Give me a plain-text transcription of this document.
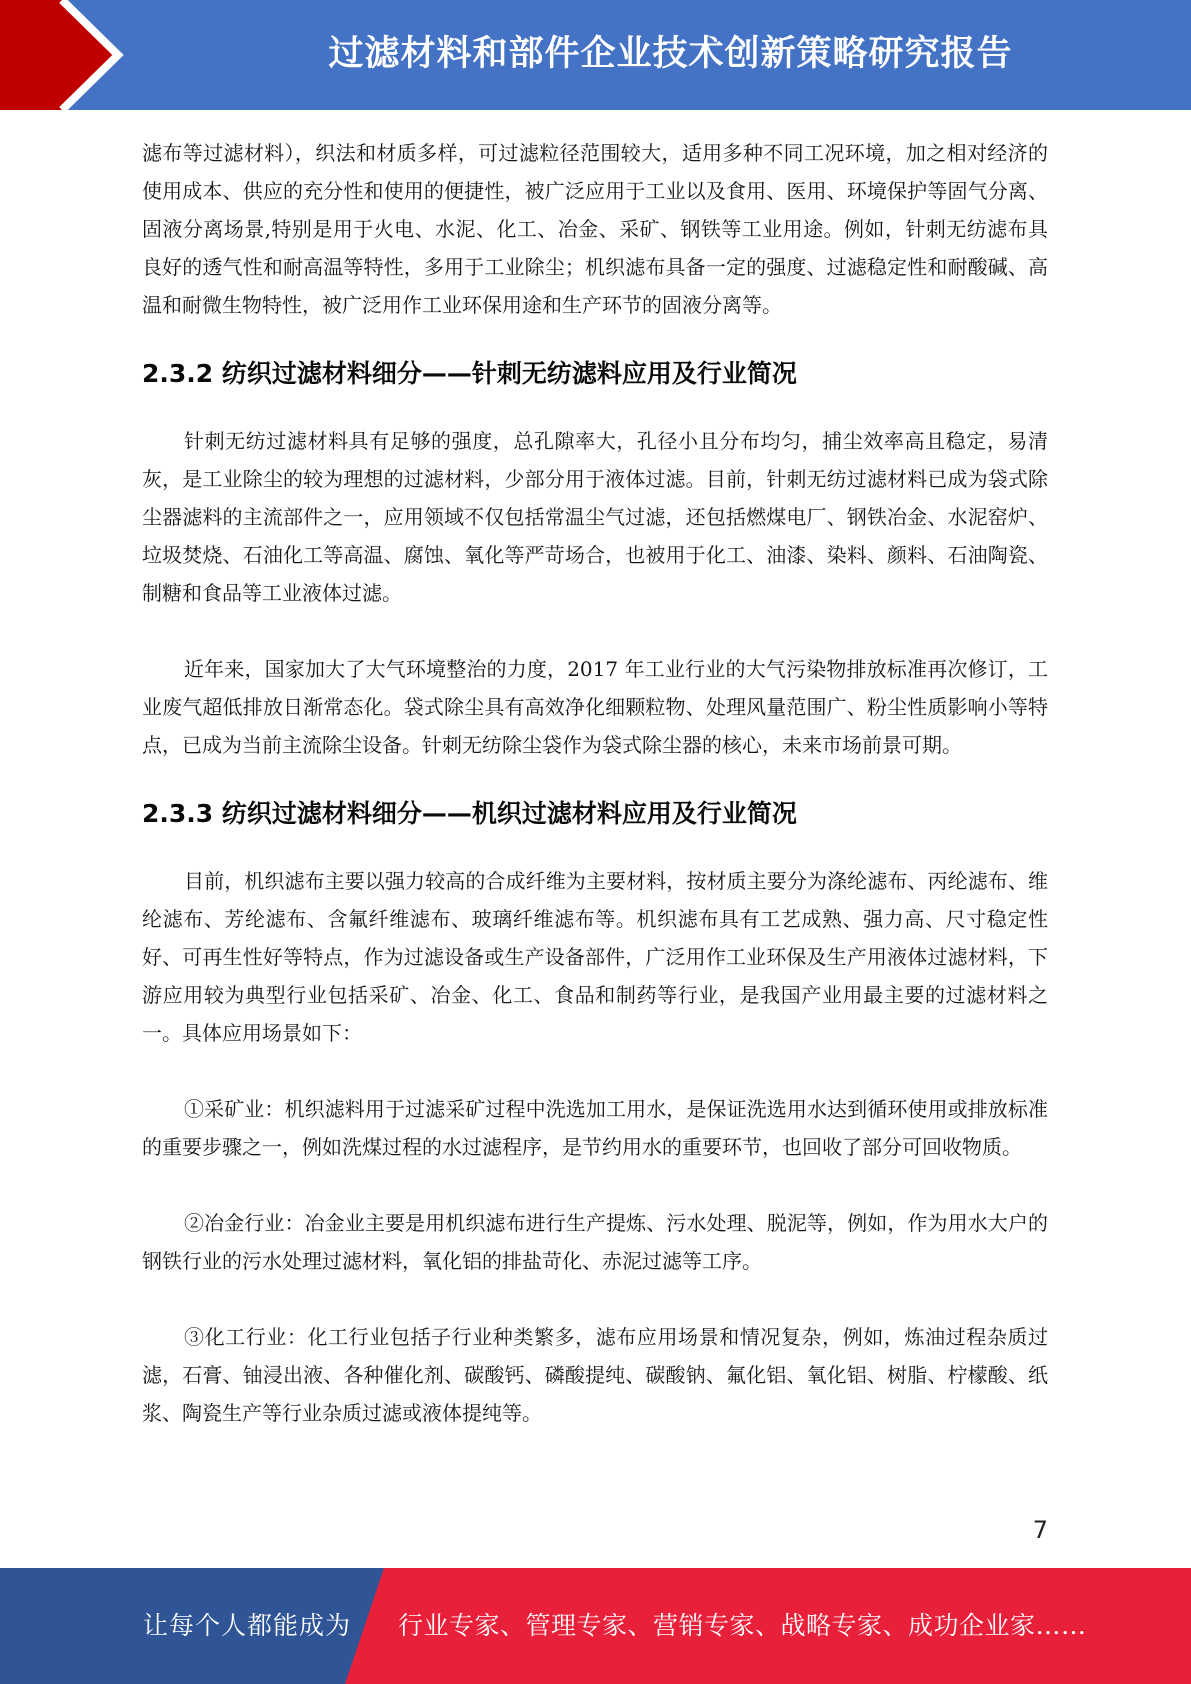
过滤材料和部件企业技术创新策略研究报告

滤布等过滤材料），织法和材质多样，可过滤粒径范围较大，适用多种不同工况环境，加之相对经济的使用成本、供应的充分性和使用的便捷性，被广泛应用于工业以及食用、医用、环境保护等固气分离、固液分离场景,特别是用于火电、水泥、化工、冶金、采矿、钢铁等工业用途。例如，针刺无纺滤布具良好的透气性和耐高温等特性，多用于工业除尘；机织滤布具备一定的强度、过滤稳定性和耐酸碱、高温和耐微生物特性，被广泛用作工业环保用途和生产环节的固液分离等。

2.3.2 纺织过滤材料细分——针刺无纺滤料应用及行业简况

针刺无纺过滤材料具有足够的强度，总孔隙率大，孔径小且分布均匀，捕尘效率高且稳定，易清灰，是工业除尘的较为理想的过滤材料，少部分用于液体过滤。目前，针刺无纺过滤材料已成为袋式除尘器滤料的主流部件之一，应用领域不仅包括常温尘气过滤，还包括燃煤电厂、钢铁冶金、水泥窑炉、垃圾焚烧、石油化工等高温、腐蚀、氧化等严苛场合，也被用于化工、油漆、染料、颜料、石油陶瓷、制糖和食品等工业液体过滤。

近年来，国家加大了大气环境整治的力度，2017 年工业行业的大气污染物排放标准再次修订，工业废气超低排放日渐常态化。袋式除尘具有高效净化细颗粒物、处理风量范围广、粉尘性质影响小等特点，已成为当前主流除尘设备。针刺无纺除尘袋作为袋式除尘器的核心，未来市场前景可期。

2.3.3 纺织过滤材料细分——机织过滤材料应用及行业简况

目前，机织滤布主要以强力较高的合成纤维为主要材料，按材质主要分为涤纶滤布、丙纶滤布、维纶滤布、芳纶滤布、含氟纤维滤布、玻璃纤维滤布等。机织滤布具有工艺成熟、强力高、尺寸稳定性好、可再生性好等特点，作为过滤设备或生产设备部件，广泛用作工业环保及生产用液体过滤材料，下游应用较为典型行业包括采矿、冶金、化工、食品和制药等行业，是我国产业用最主要的过滤材料之一。具体应用场景如下：

①采矿业：机织滤料用于过滤采矿过程中洗选加工用水，是保证洗选用水达到循环使用或排放标准的重要步骤之一，例如洗煤过程的水过滤程序，是节约用水的重要环节，也回收了部分可回收物质。

②冶金行业：冶金业主要是用机织滤布进行生产提炼、污水处理、脱泥等，例如，作为用水大户的钢铁行业的污水处理过滤材料，氧化铝的排盐苛化、赤泥过滤等工序。

③化工行业：化工行业包括子行业种类繁多，滤布应用场景和情况复杂，例如，炼油过程杂质过滤，石膏、铀浸出液、各种催化剂、碳酸钙、磷酸提纯、碳酸钠、氟化铝、氧化铝、树脂、柠檬酸、纸浆、陶瓷生产等行业杂质过滤或液体提纯等。

7
让每个人都能成为 行业专家、管理专家、营销专家、战略专家、成功企业家……
